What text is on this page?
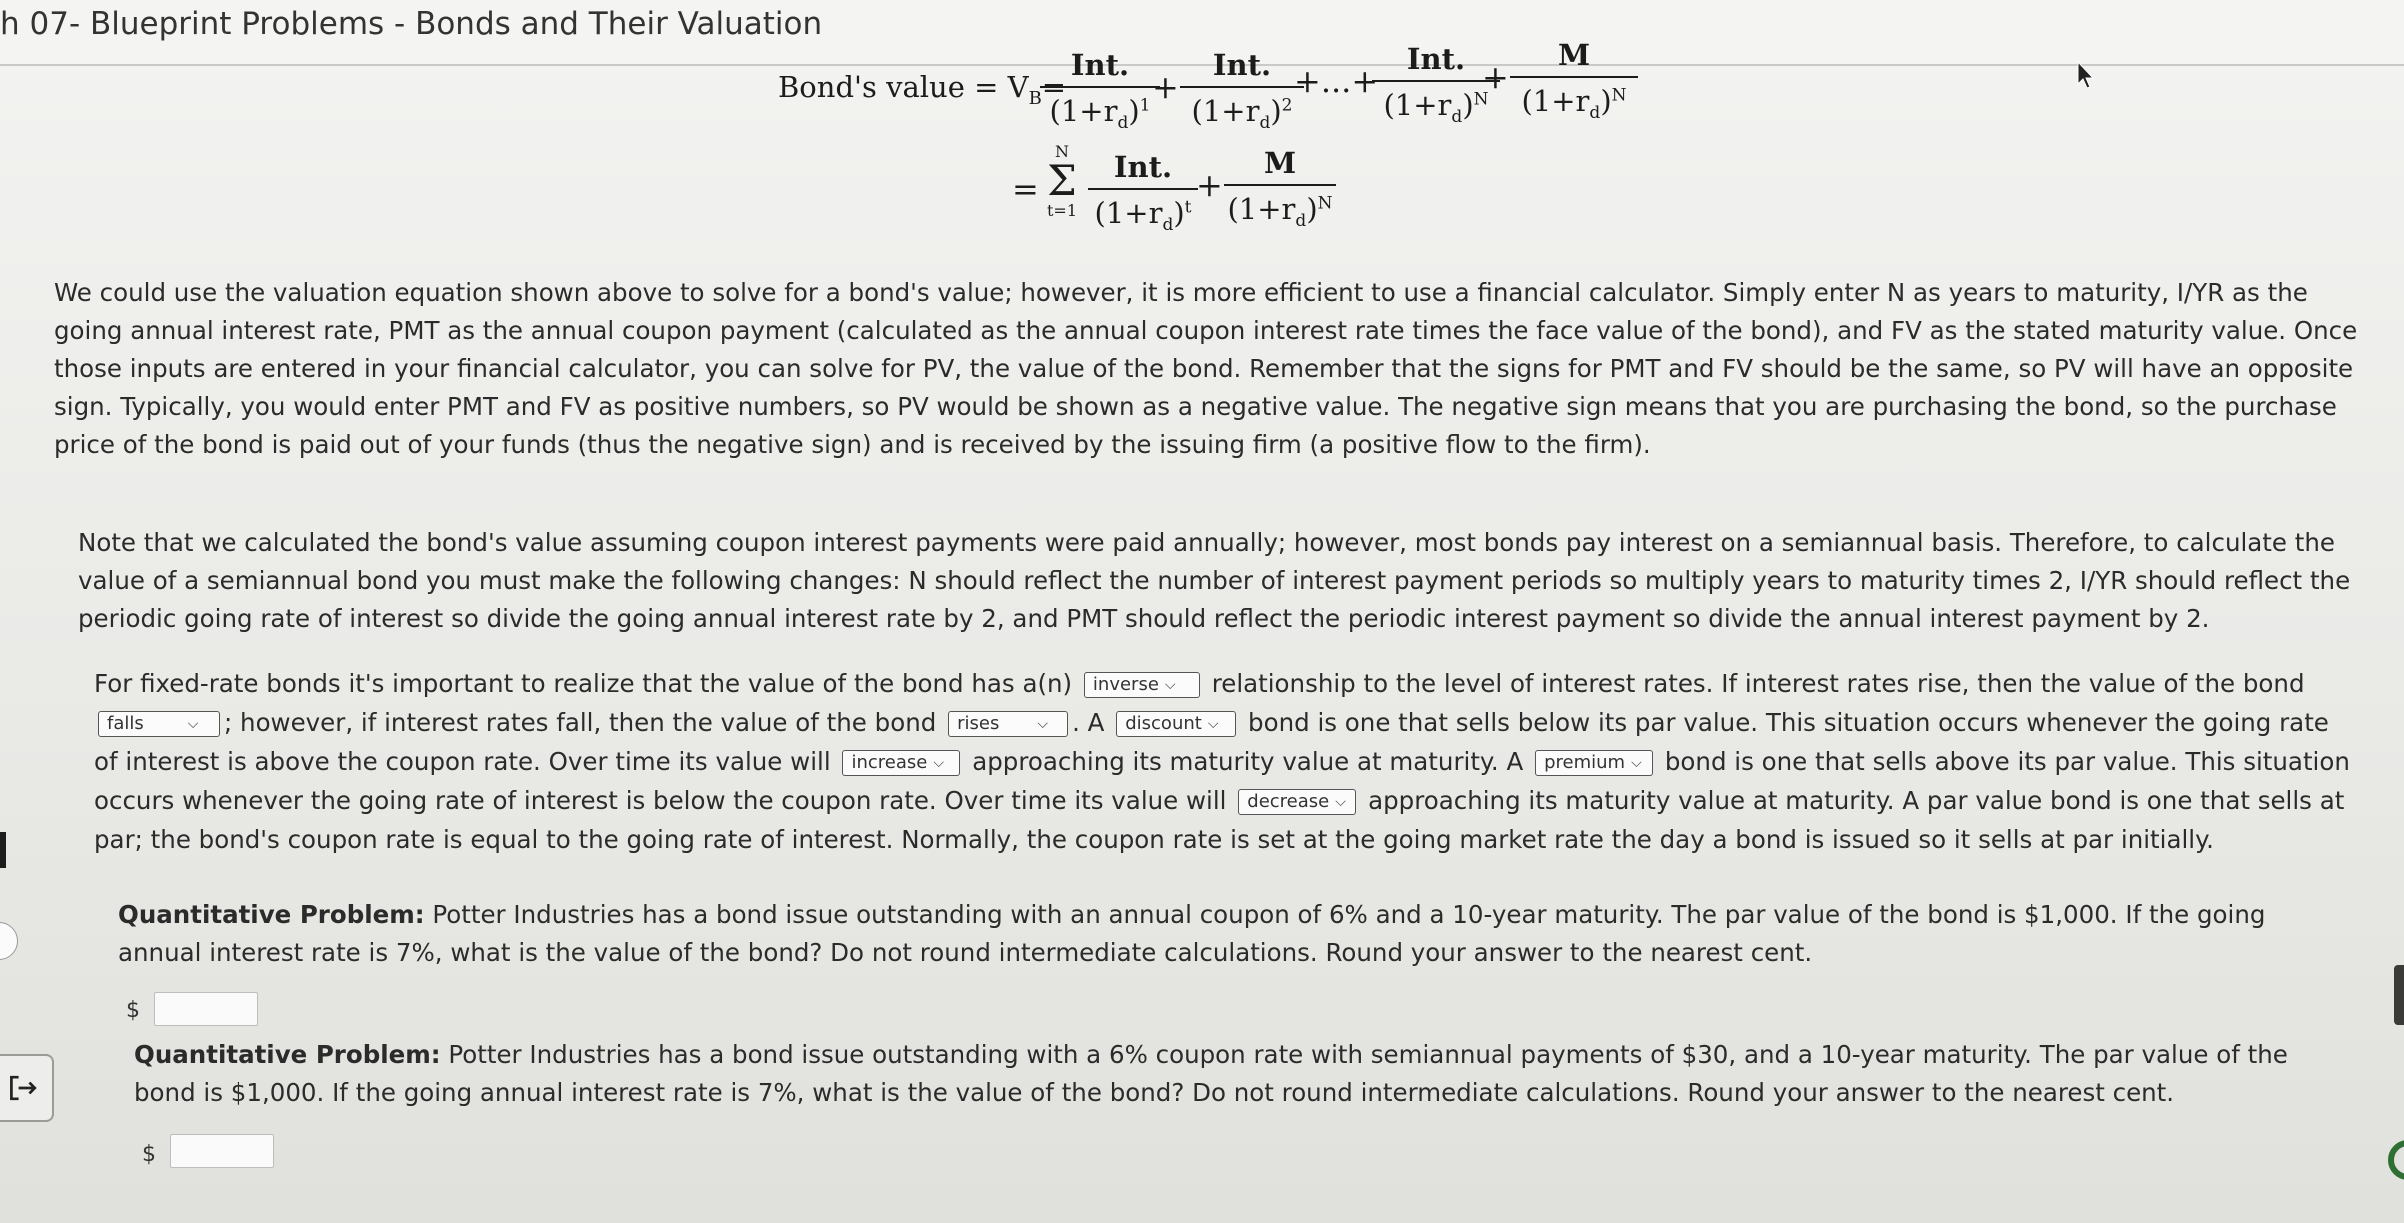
h 07- Blueprint Problems - Bonds and Their Valuation
Bond's value = $V_B=$
Int.
$(1+r_d)^1$ +
Int.
$(1+r_d)^2$
+...+
Int.
$(1+r_d)^N$
+ $\frac{M}{(1+r_d)^N}$
=
N
Σ
t=1
Int.
$(1+r_d)^t$
+ $\frac{M}{(1+r_d)^N}$

We could use the valuation equation shown above to solve for a bond's value; however, it is more efficient to use a financial calculator. Simply enter N as years to maturity, I/YR as the going annual interest rate, PMT as the annual coupon payment (calculated as the annual coupon interest rate times the face value of the bond), and FV as the stated maturity value. Once those inputs are entered in your financial calculator, you can solve for PV, the value of the bond. Remember that the signs for PMT and FV should be the same, so PV will have an opposite sign. Typically, you would enter PMT and FV as positive numbers, so PV would be shown as a negative value. The negative sign means that you are purchasing the bond, so the purchase price of the bond is paid out of your funds (thus the negative sign) and is received by the issuing firm (a positive flow to the firm).

Note that we calculated the bond's value assuming coupon interest payments were paid annually; however, most bonds pay interest on a semiannual basis. Therefore, to calculate the value of a semiannual bond you must make the following changes: N should reflect the number of interest payment periods so multiply years to maturity times 2, I/YR should reflect the periodic going rate of interest so divide the going annual interest rate by 2, and PMT should reflect the periodic interest payment so divide the annual interest payment by 2.

For fixed-rate bonds it's important to realize that the value of the bond has a(n) inverse ⌵ relationship to the level of interest rates. If interest rates rise, then the value of the bond falls	⌵ ; however, if interest rates fall, then the value of the bond rises	⌵ . A discount ⌵ bond is one that sells below its par value. This situation occurs whenever the going rate of interest is above the coupon rate. Over time its value will increase ⌵ approaching its maturity value at maturity. A premium ⌵ bond is one that sells above its par value. This situation occurs whenever the going rate of interest is below the coupon rate. Over time its value will decrease ⌵ approaching its maturity value at maturity. A par value bond is one that sells at par; the bond's coupon rate is equal to the going rate of interest. Normally, the coupon rate is set at the going market rate the day a bond is issued so it sells at par initially.
Quantitative Problem: Potter Industries has a bond issue outstanding with an annual coupon of 6% and a 10-year maturity. The par value of the bond is $1,000. If the going annual interest rate is 7%, what is the value of the bond? Do not round intermediate calculations. Round your answer to the nearest cent.
$
Quantitative Problem: Potter Industries has a bond issue outstanding with a 6% coupon rate with semiannual payments of $30, and a 10-year maturity. The par value of the bond is $1,000. If the going annual interest rate is 7%, what is the value of the bond? Do not round intermediate calculations. Round your answer to the nearest cent.
$
